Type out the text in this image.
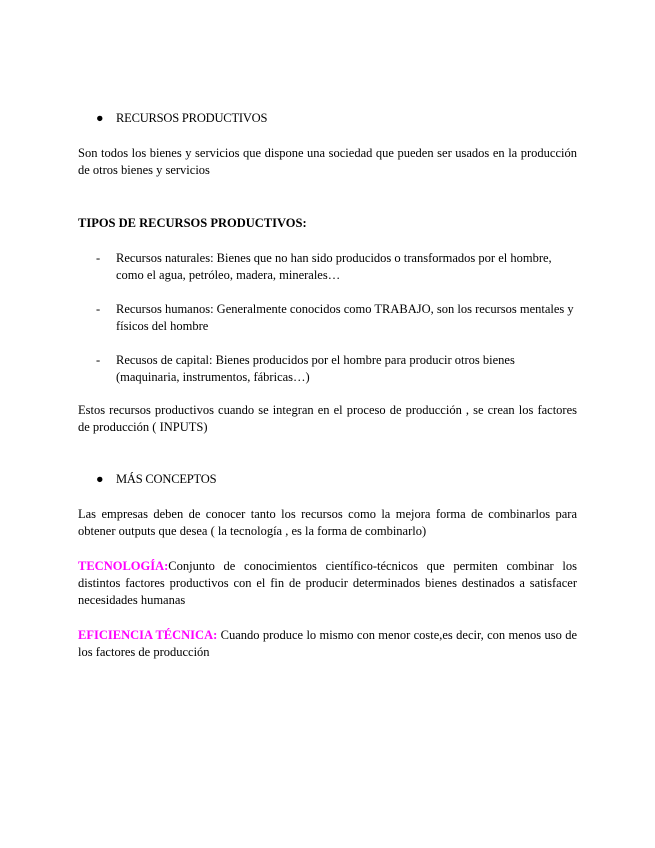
● RECURSOS PRODUCTIVOS

Son todos los bienes y servicios que dispone una sociedad que pueden ser usados en la producción de otros bienes y servicios

TIPOS DE RECURSOS PRODUCTIVOS:
- Recursos naturales: Bienes que no han sido producidos o transformados por el hombre, como el agua, petróleo, madera, minerales…
- Recursos humanos: Generalmente conocidos como TRABAJO, son los recursos mentales y físicos del hombre
- Recusos de capital: Bienes producidos por el hombre para producir otros bienes (maquinaria, instrumentos, fábricas…)

Estos recursos productivos cuando se integran en el proceso de producción , se crean los factores de producción ( INPUTS)

● MÁS CONCEPTOS

Las empresas deben de conocer tanto los recursos como la mejora forma de combinarlos para obtener outputs que desea ( la tecnología , es la forma de combinarlo)

TECNOLOGÍA:Conjunto de conocimientos científico-técnicos que permiten combinar los distintos factores productivos con el fin de producir determinados bienes destinados a satisfacer necesidades humanas

EFICIENCIA TÉCNICA: Cuando produce lo mismo con menor coste,es decir, con menos uso de los factores de producción
